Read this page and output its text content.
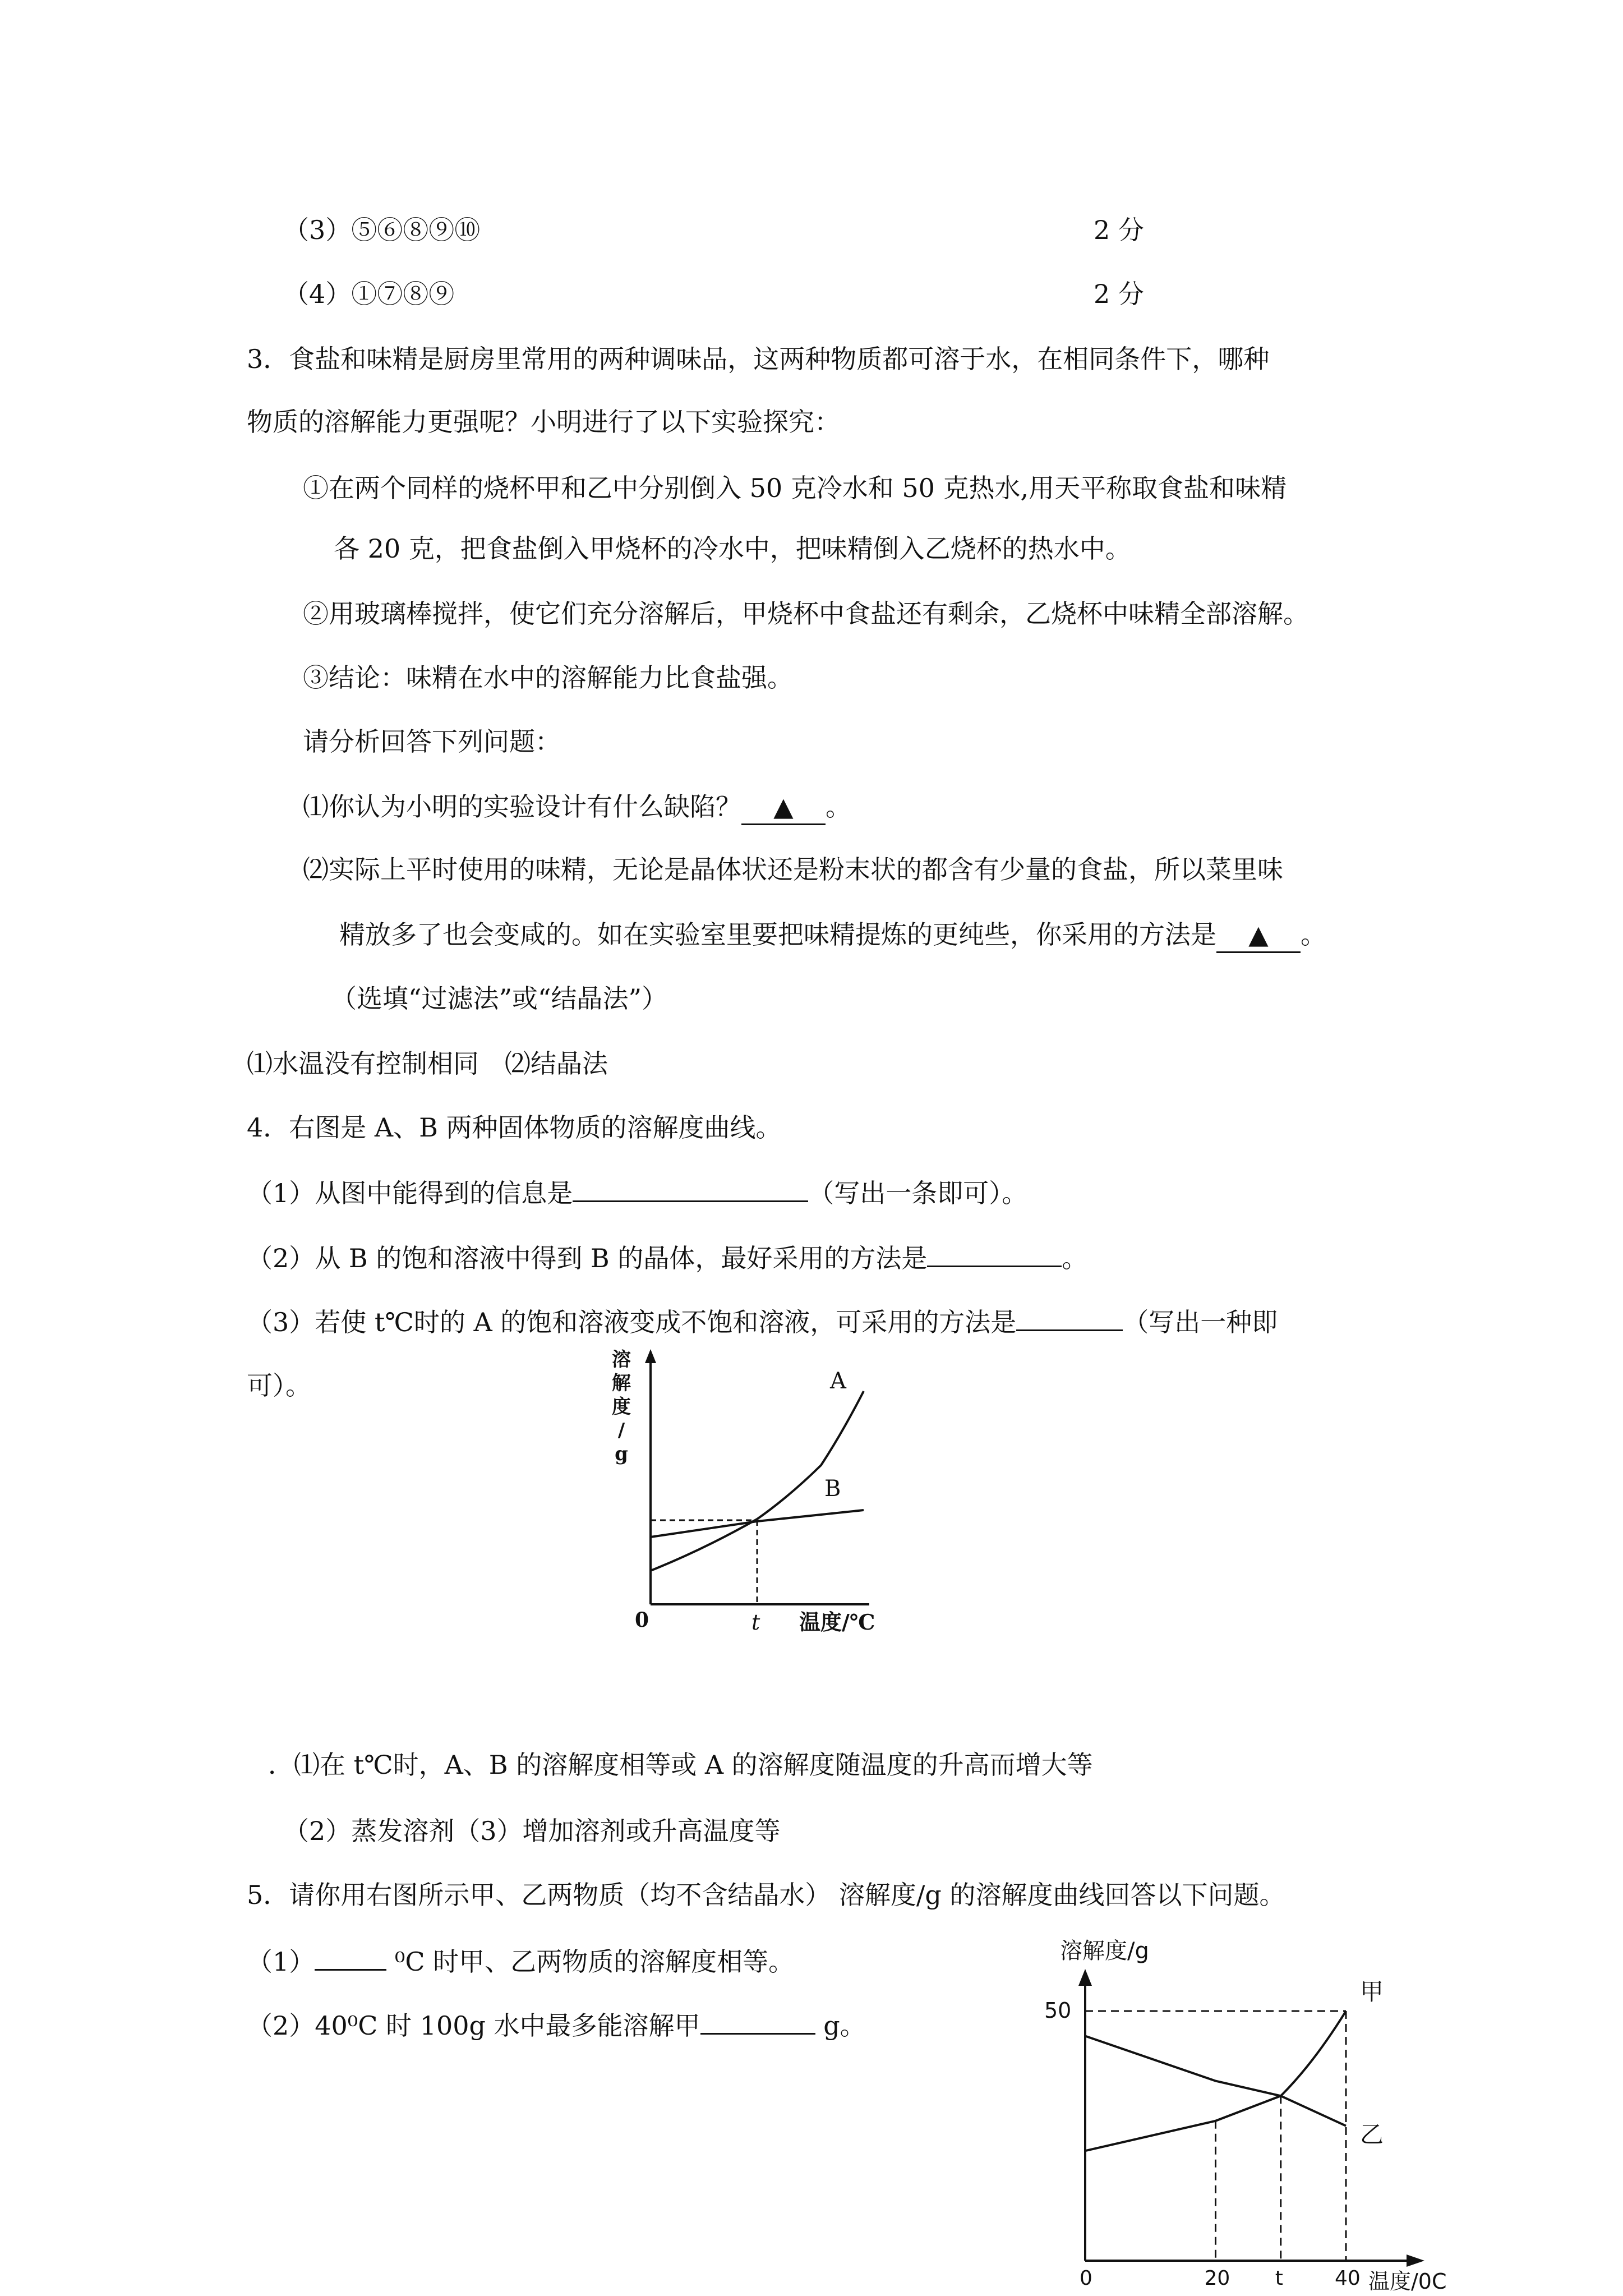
（3）⑤⑥⑧⑨⑩	2 分
（4）①⑦⑧⑨	2 分
3．食盐和味精是厨房里常用的两种调味品，这两种物质都可溶于水，在相同条件下，哪种
物质的溶解能力更强呢？小明进行了以下实验探究：
①在两个同样的烧杯甲和乙中分别倒入 50 克冷水和 50 克热水,用天平称取食盐和味精
各 20 克，把食盐倒入甲烧杯的冷水中，把味精倒入乙烧杯的热水中。
②用玻璃棒搅拌，使它们充分溶解后，甲烧杯中食盐还有剩余，乙烧杯中味精全部溶解。
③结论：味精在水中的溶解能力比食盐强。
请分析回答下列问题：
⑴你认为小明的实验设计有什么缺陷？ ▲ 。
⑵实际上平时使用的味精，无论是晶体状还是粉末状的都含有少量的食盐，所以菜里味
精放多了也会变咸的。如在实验室里要把味精提炼的更纯些，你采用的方法是 ▲ 。
（选填“过滤法”或“结晶法”）
⑴水温没有控制相同　⑵结晶法
4．右图是 A、B 两种固体物质的溶解度曲线。
（1）从图中能得到的信息是	（写出一条即可）。
（2）从 B 的饱和溶液中得到 B 的晶体，最好采用的方法是	。
（3）若使 t℃时的 A 的饱和溶液变成不饱和溶液，可采用的方法是	（写出一种即
可）。
溶解度/ g
A
B
0	t 温度/℃
．⑴在 t℃时，A、B 的溶解度相等或 A 的溶解度随温度的升高而增大等
（2）蒸发溶剂（3）增加溶剂或升高温度等
5．请你用右图所示甲、乙两物质（均不含结晶水） 溶解度/g 的溶解度曲线回答以下问题。
（1）	⁰C 时甲、乙两物质的溶解度相等。
（2）40⁰C 时 100g 水中最多能溶解甲	g。
溶解度/g
甲
乙
50
0	20 t	40 温度/0C
